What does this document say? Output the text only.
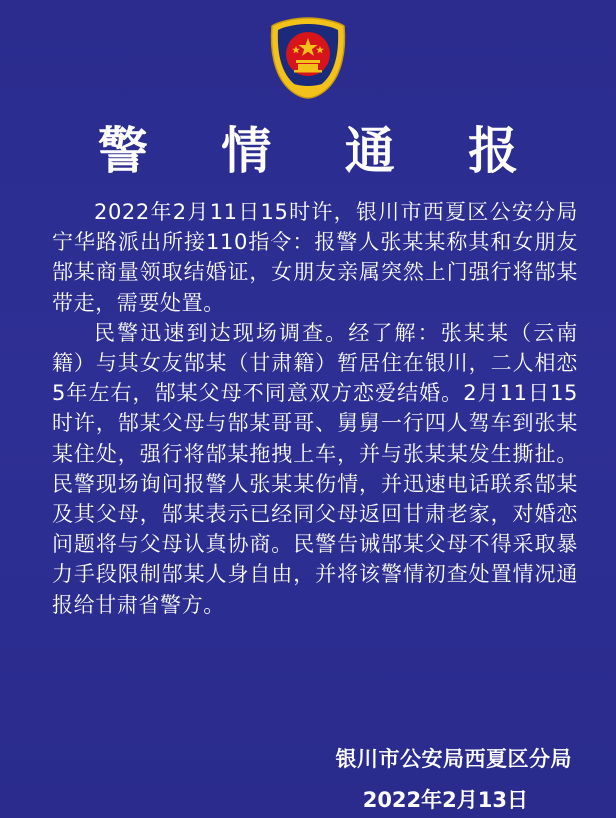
警 情 通 报

2022年2月11日15时许，银川市西夏区公安分局宁华路派出所接110指令：报警人张某某称其和女朋友郜某商量领取结婚证，女朋友亲属突然上门强行将郜某带走，需要处置。

民警迅速到达现场调查。经了解：张某某（云南籍）与其女友郜某（甘肃籍）暂居住在银川，二人相恋5年左右，郜某父母不同意双方恋爱结婚。2月11日15时许，郜某父母与郜某哥哥、舅舅一行四人驾车到张某某住处，强行将郜某拖拽上车，并与张某某发生撕扯。民警现场询问报警人张某某伤情，并迅速电话联系郜某及其父母，郜某表示已经同父母返回甘肃老家，对婚恋问题将与父母认真协商。民警告诫郜某父母不得采取暴力手段限制郜某人身自由，并将该警情初查处置情况通报给甘肃省警方。

银川市公安局西夏区分局
2022年2月13日
